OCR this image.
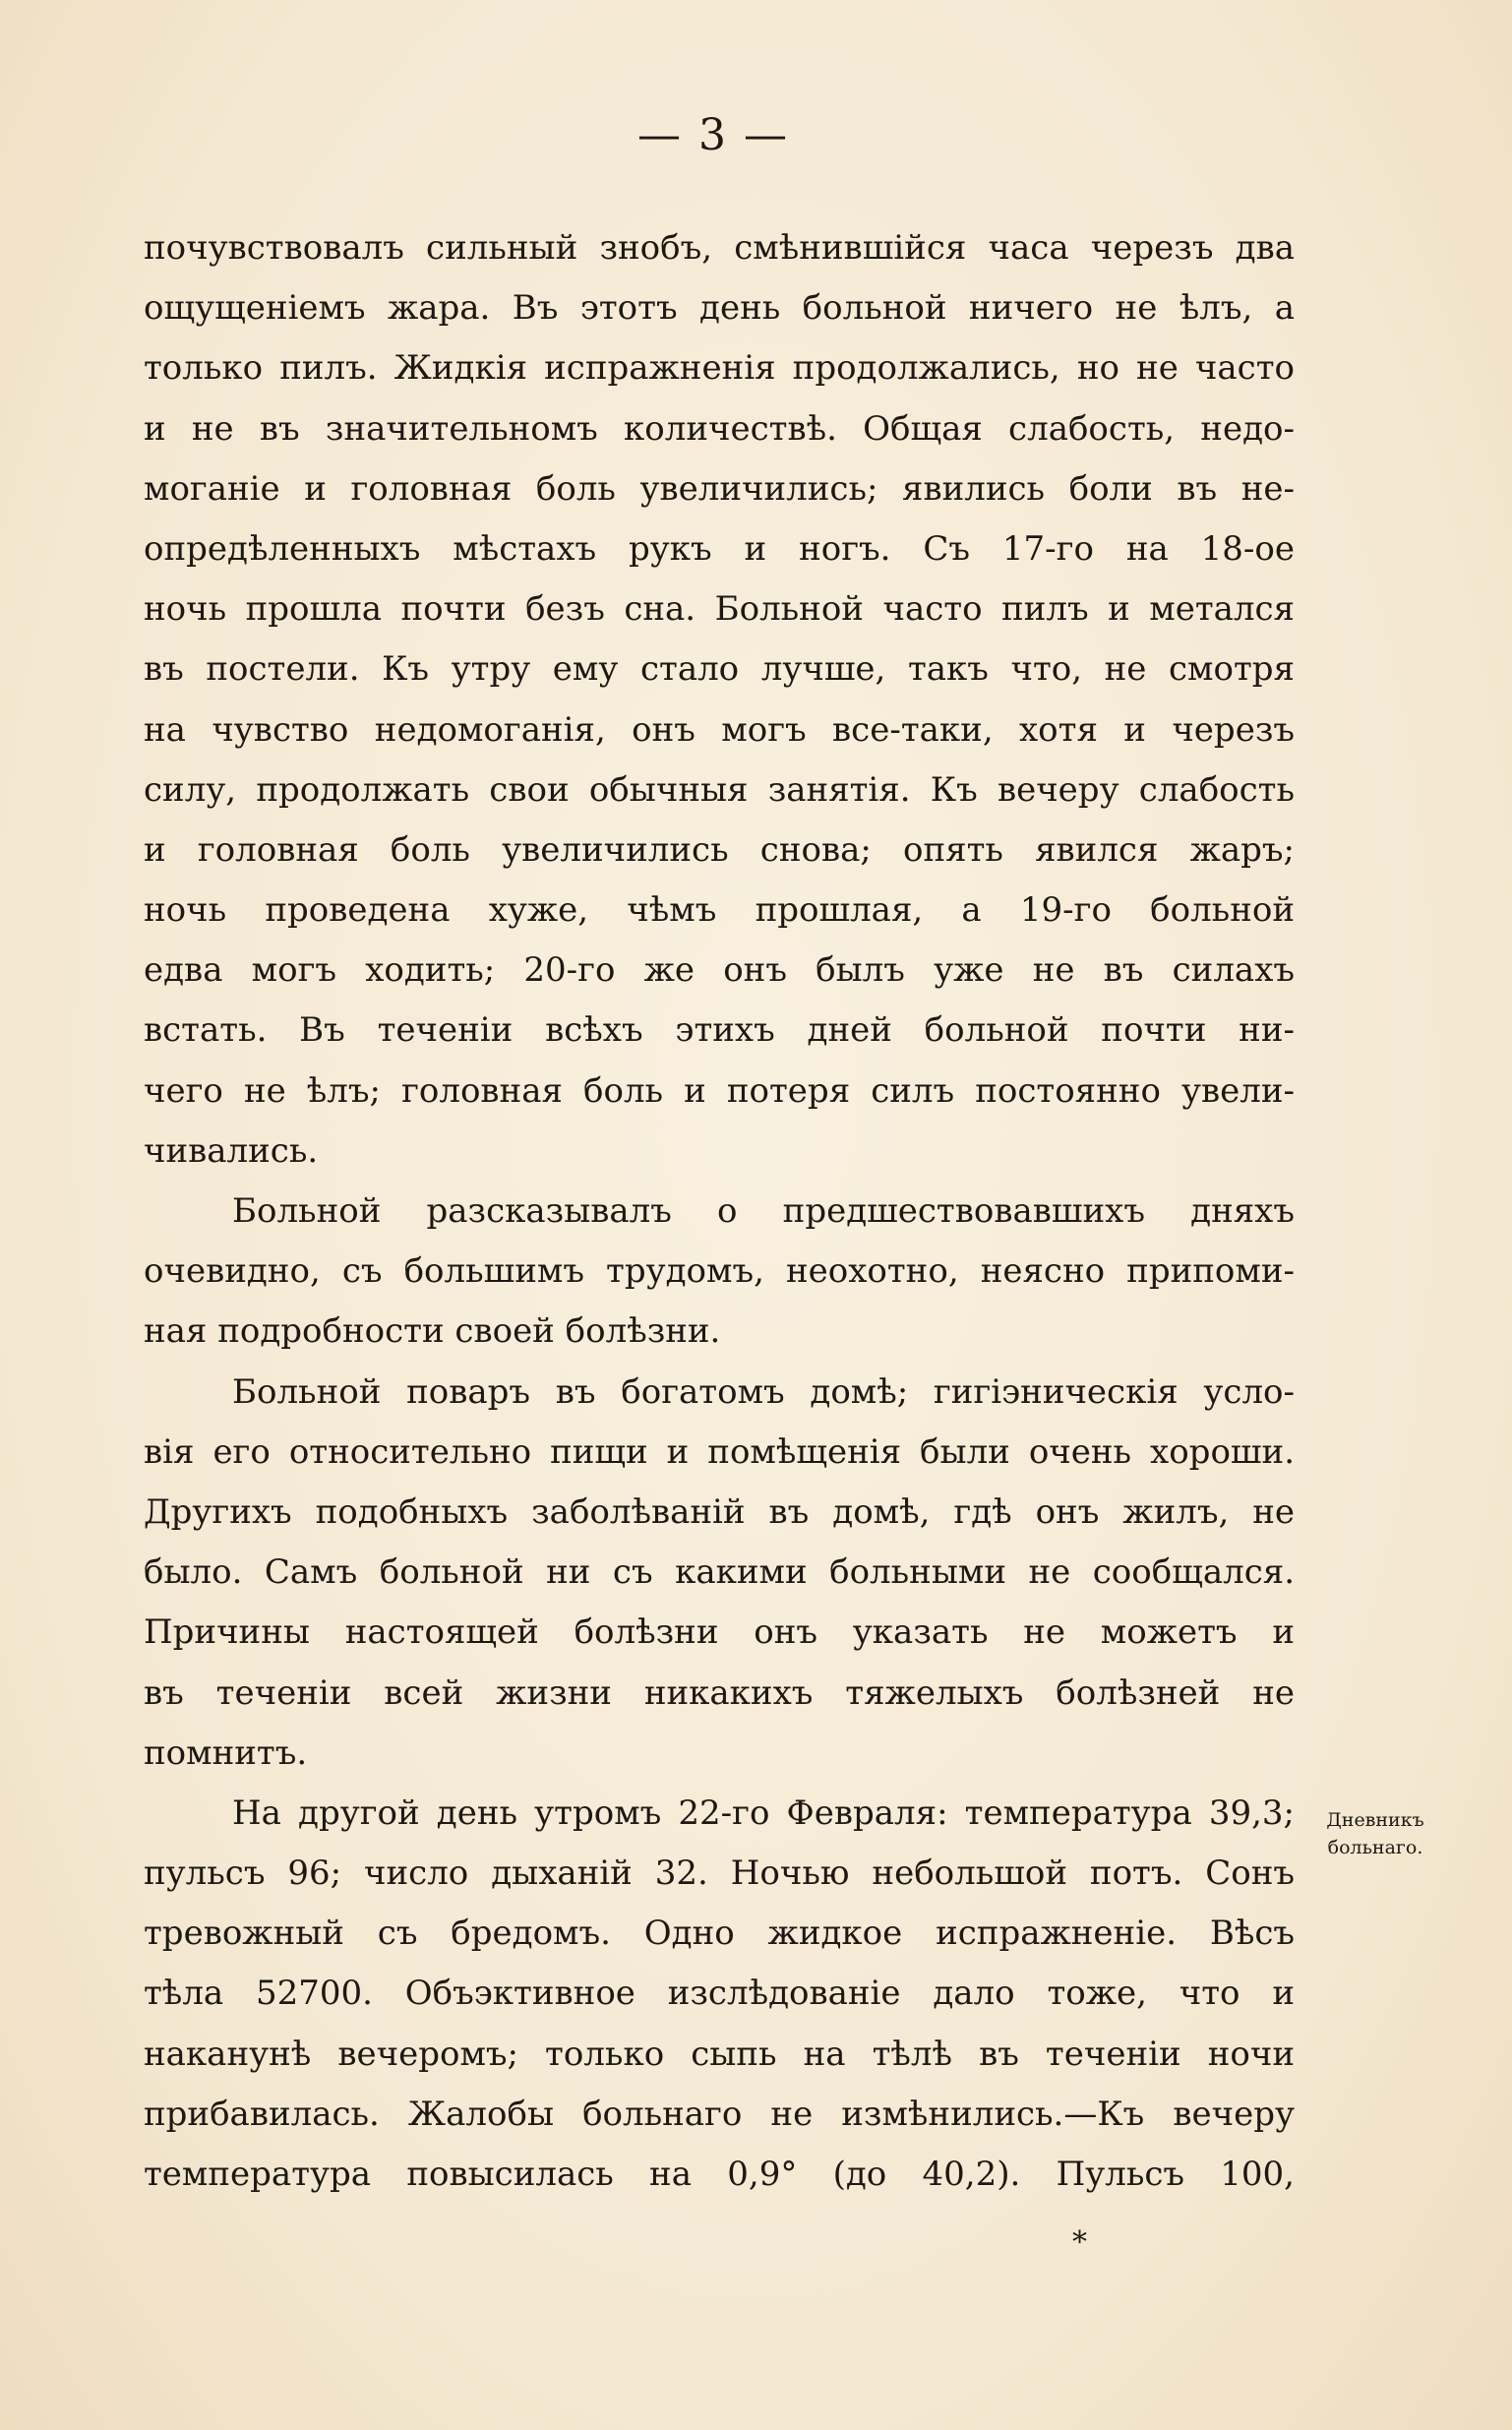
— 3 —
почувствовалъ сильный знобъ, смѣнившійся часа черезъ два
ощущеніемъ жара. Въ этотъ день больной ничего не ѣлъ, а
только пилъ. Жидкія испражненія продолжались, но не часто
и не въ значительномъ количествѣ. Общая слабость, недо-
моганіе и головная боль увеличились; явились боли въ не-
опредѣленныхъ мѣстахъ рукъ и ногъ. Съ 17-го на 18-ое
ночь прошла почти безъ сна. Больной часто пилъ и метался
въ постели. Къ утру ему стало лучше, такъ что, не смотря
на чувство недомоганія, онъ могъ все-таки, хотя и черезъ
силу, продолжать свои обычныя занятія. Къ вечеру слабость
и головная боль увеличились снова; опять явился жаръ;
ночь проведена хуже, чѣмъ прошлая, а 19-го больной
едва могъ ходить; 20-го же онъ былъ уже не въ силахъ
встать. Въ теченіи всѣхъ этихъ дней больной почти ни-
чего не ѣлъ; головная боль и потеря силъ постоянно увели-
чивались.
Больной разсказывалъ о предшествовавшихъ дняхъ
очевидно, съ большимъ трудомъ, неохотно, неясно припоми-
ная подробности своей болѣзни.
Больной поваръ въ богатомъ домѣ; гигіэническія усло-
вія его относительно пищи и помѣщенія были очень хороши.
Другихъ подобныхъ заболѣваній въ домѣ, гдѣ онъ жилъ, не
было. Самъ больной ни съ какими больными не сообщался.
Причины настоящей болѣзни онъ указать не можетъ и
въ теченіи всей жизни никакихъ тяжелыхъ болѣзней не
помнитъ.
На другой день утромъ 22-го Февраля: температура 39,3;
пульсъ 96; число дыханій 32. Ночью небольшой потъ. Сонъ
тревожный съ бредомъ. Одно жидкое испражненіе. Вѣсъ
тѣла 52700. Объэктивное изслѣдованіе дало тоже, что и
наканунѣ вечеромъ; только сыпь на тѣлѣ въ теченіи ночи
прибавилась. Жалобы больнаго не измѣнились.—Къ вечеру
температура повысилась на 0,9° (до 40,2). Пульсъ 100,
Дневникъ
больнаго.
*
